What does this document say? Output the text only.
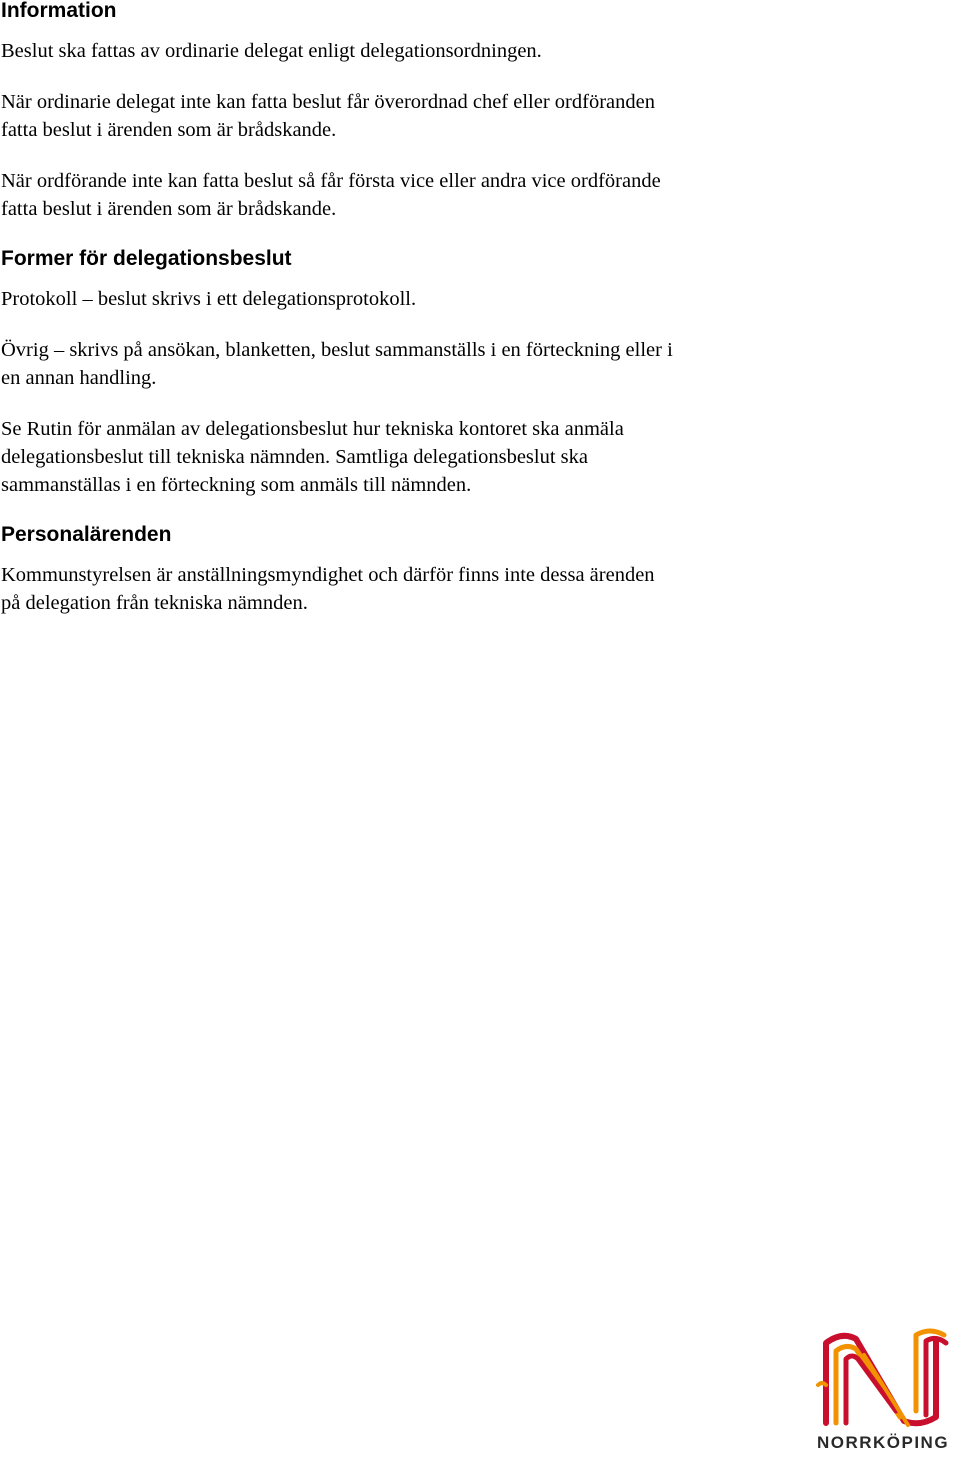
Information

Beslut ska fattas av ordinarie delegat enligt delegationsordningen.

När ordinarie delegat inte kan fatta beslut får överordnad chef eller ordföranden
fatta beslut i ärenden som är brådskande.

När ordförande inte kan fatta beslut så får första vice eller andra vice ordförande
fatta beslut i ärenden som är brådskande.

Former för delegationsbeslut

Protokoll – beslut skrivs i ett delegationsprotokoll.

Övrig – skrivs på ansökan, blanketten, beslut sammanställs i en förteckning eller i
en annan handling.

Se Rutin för anmälan av delegationsbeslut hur tekniska kontoret ska anmäla
delegationsbeslut till tekniska nämnden. Samtliga delegationsbeslut ska
sammanställas i en förteckning som anmäls till nämnden.

Personalärenden

Kommunstyrelsen är anställningsmyndighet och därför finns inte dessa ärenden
på delegation från tekniska nämnden.

NORRKÖPING
